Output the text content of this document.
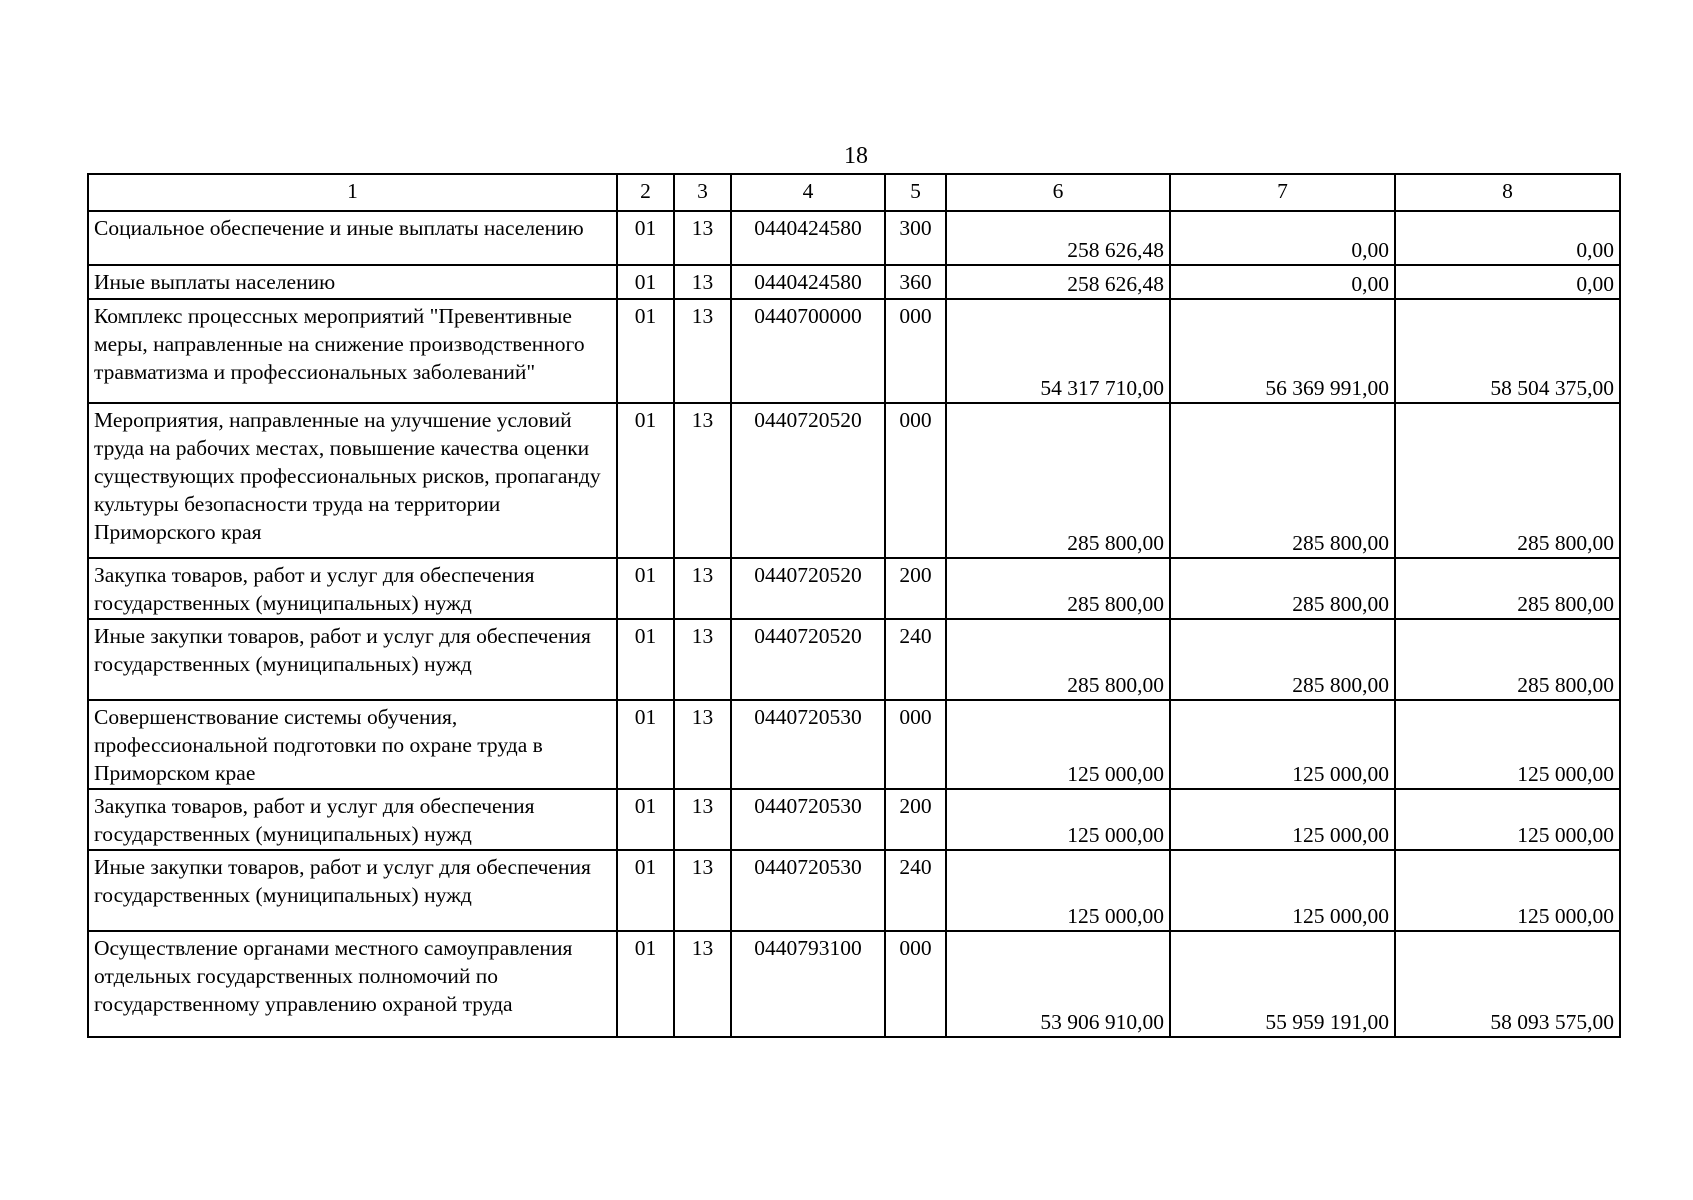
18
1	2	3	4	5	6	7	8
Социальное обеспечение и иные выплаты населению	01	13	0440424580	300	258 626,48	0,00	0,00
Иные выплаты населению	01	13	0440424580	360	258 626,48	0,00	0,00
Комплекс процессных мероприятий "Превентивные меры, направленные на снижение производственного травматизма и профессиональных заболеваний"	01	13	0440700000	000	54 317 710,00	56 369 991,00	58 504 375,00
Мероприятия, направленные на улучшение условий труда на рабочих местах, повышение качества оценки существующих профессиональных рисков, пропаганду культуры безопасности труда на территории Приморского края	01	13	0440720520	000	285 800,00	285 800,00	285 800,00
Закупка товаров, работ и услуг для обеспечения государственных (муниципальных) нужд	01	13	0440720520	200	285 800,00	285 800,00	285 800,00
Иные закупки товаров, работ и услуг для обеспечения государственных (муниципальных) нужд	01	13	0440720520	240	285 800,00	285 800,00	285 800,00
Совершенствование системы обучения, профессиональной подготовки по охране труда в Приморском крае	01	13	0440720530	000	125 000,00	125 000,00	125 000,00
Закупка товаров, работ и услуг для обеспечения государственных (муниципальных) нужд	01	13	0440720530	200	125 000,00	125 000,00	125 000,00
Иные закупки товаров, работ и услуг для обеспечения государственных (муниципальных) нужд	01	13	0440720530	240	125 000,00	125 000,00	125 000,00
Осуществление органами местного самоуправления отдельных государственных полномочий по государственному управлению охраной труда	01	13	0440793100	000	53 906 910,00	55 959 191,00	58 093 575,00
